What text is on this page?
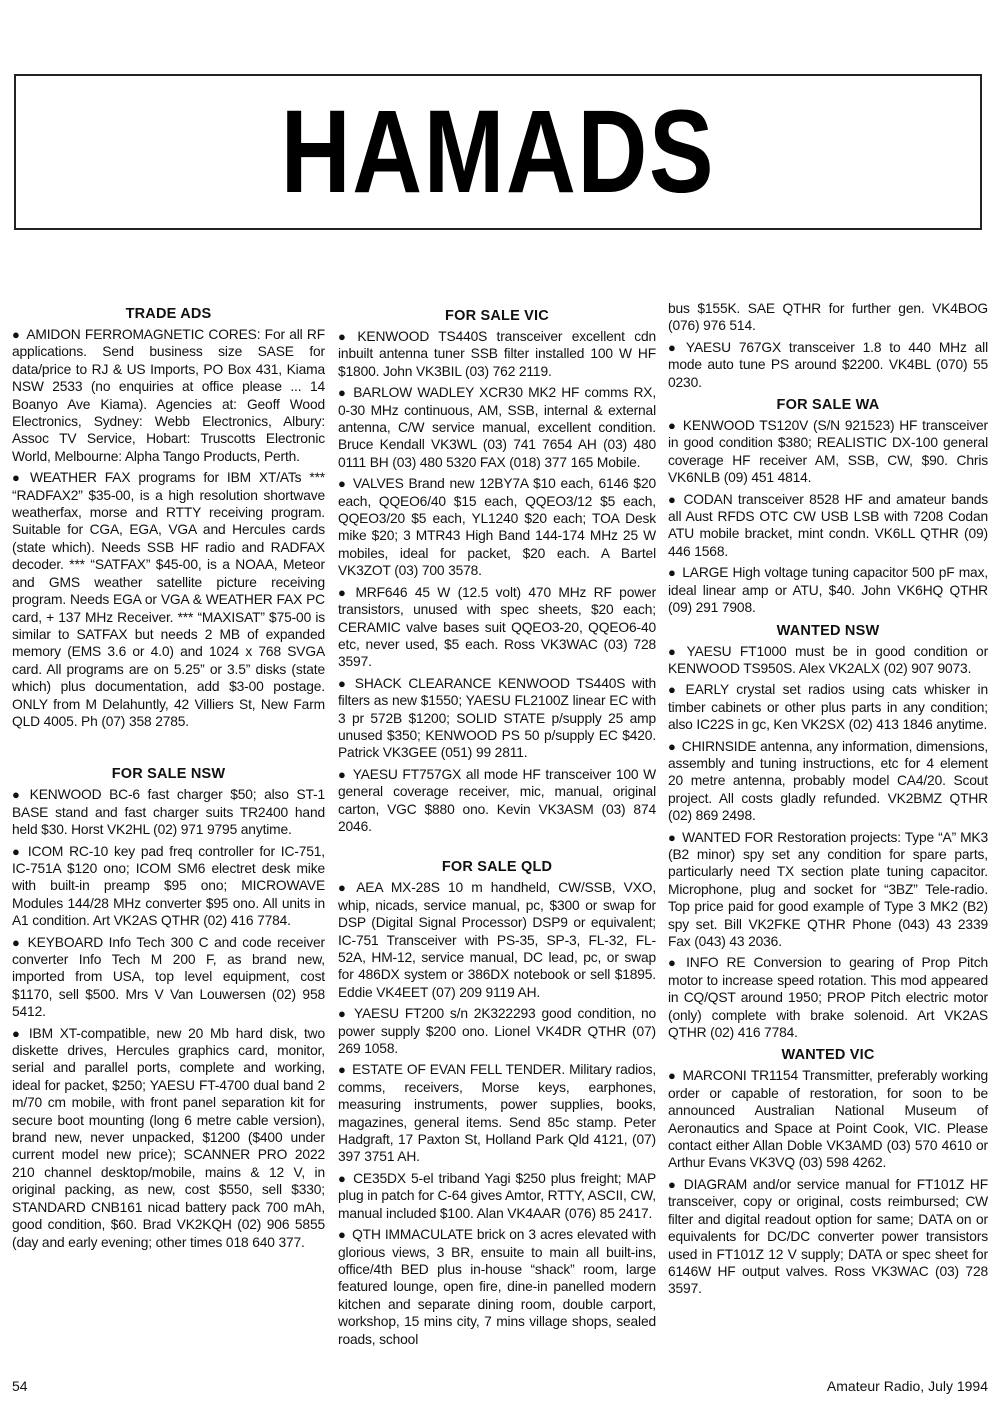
HAMADS
TRADE ADS

● AMIDON FERROMAGNETIC CORES: For all RF applications. Send business size SASE for data/price to RJ & US Imports, PO Box 431, Kiama NSW 2533 (no enquiries at office please ... 14 Boanyo Ave Kiama). Agencies at: Geoff Wood Electronics, Sydney: Webb Electronics, Albury: Assoc TV Service, Hobart: Truscotts Electronic World, Melbourne: Alpha Tango Products, Perth.

● WEATHER FAX programs for IBM XT/ATs *** “RADFAX2” $35-00, is a high resolution shortwave weatherfax, morse and RTTY receiving program. Suitable for CGA, EGA, VGA and Hercules cards (state which). Needs SSB HF radio and RADFAX decoder. *** “SATFAX” $45-00, is a NOAA, Meteor and GMS weather satellite picture receiving program. Needs EGA or VGA & WEATHER FAX PC card, + 137 MHz Receiver. *** “MAXISAT” $75-00 is similar to SATFAX but needs 2 MB of expanded memory (EMS 3.6 or 4.0) and 1024 x 768 SVGA card. All programs are on 5.25” or 3.5” disks (state which) plus documentation, add $3-00 postage. ONLY from M Delahuntly, 42 Villiers St, New Farm QLD 4005. Ph (07) 358 2785.

FOR SALE NSW

● KENWOOD BC-6 fast charger $50; also ST-1 BASE stand and fast charger suits TR2400 hand held $30. Horst VK2HL (02) 971 9795 anytime.

● ICOM RC-10 key pad freq controller for IC-751, IC-751A $120 ono; ICOM SM6 electret desk mike with built-in preamp $95 ono; MICROWAVE Modules 144/28 MHz converter $95 ono. All units in A1 condition. Art VK2AS QTHR (02) 416 7784.

● KEYBOARD Info Tech 300 C and code receiver converter Info Tech M 200 F, as brand new, imported from USA, top level equipment, cost $1170, sell $500. Mrs V Van Louwersen (02) 958 5412.

● IBM XT-compatible, new 20 Mb hard disk, two diskette drives, Hercules graphics card, monitor, serial and parallel ports, complete and working, ideal for packet, $250; YAESU FT-4700 dual band 2 m/70 cm mobile, with front panel separation kit for secure boot mounting (long 6 metre cable version), brand new, never unpacked, $1200 ($400 under current model new price); SCANNER PRO 2022 210 channel desktop/mobile, mains & 12 V, in original packing, as new, cost $550, sell $330; STANDARD CNB161 nicad battery pack 700 mAh, good condition, $60. Brad VK2KQH (02) 906 5855 (day and early evening; other times 018 640 377.

FOR SALE VIC

● KENWOOD TS440S transceiver excellent cdn inbuilt antenna tuner SSB filter installed 100 W HF $1800. John VK3BIL (03) 762 2119.

● BARLOW WADLEY XCR30 MK2 HF comms RX, 0-30 MHz continuous, AM, SSB, internal & external antenna, C/W service manual, excellent condition. Bruce Kendall VK3WL (03) 741 7654 AH (03) 480 0111 BH (03) 480 5320 FAX (018) 377 165 Mobile.

● VALVES Brand new 12BY7A $10 each, 6146 $20 each, QQEO6/40 $15 each, QQEO3/12 $5 each, QQEO3/20 $5 each, YL1240 $20 each; TOA Desk mike $20; 3 MTR43 High Band 144-174 MHz 25 W mobiles, ideal for packet, $20 each. A Bartel VK3ZOT (03) 700 3578.

● MRF646 45 W (12.5 volt) 470 MHz RF power transistors, unused with spec sheets, $20 each; CERAMIC valve bases suit QQEO3-20, QQEO6-40 etc, never used, $5 each. Ross VK3WAC (03) 728 3597.

● SHACK CLEARANCE KENWOOD TS440S with filters as new $1550; YAESU FL2100Z linear EC with 3 pr 572B $1200; SOLID STATE p/supply 25 amp unused $350; KENWOOD PS 50 p/supply EC $420. Patrick VK3GEE (051) 99 2811.

● YAESU FT757GX all mode HF transceiver 100 W general coverage receiver, mic, manual, original carton, VGC $880 ono. Kevin VK3ASM (03) 874 2046.

FOR SALE QLD

● AEA MX-28S 10 m handheld, CW/SSB, VXO, whip, nicads, service manual, pc, $300 or swap for DSP (Digital Signal Processor) DSP9 or equivalent; IC-751 Transceiver with PS-35, SP-3, FL-32, FL-52A, HM-12, service manual, DC lead, pc, or swap for 486DX system or 386DX notebook or sell $1895. Eddie VK4EET (07) 209 9119 AH.

● YAESU FT200 s/n 2K322293 good condition, no power supply $200 ono. Lionel VK4DR QTHR (07) 269 1058.

● ESTATE OF EVAN FELL TENDER. Military radios, comms, receivers, Morse keys, earphones, measuring instruments, power supplies, books, magazines, general items. Send 85c stamp. Peter Hadgraft, 17 Paxton St, Holland Park Qld 4121, (07) 397 3751 AH.

● CE35DX 5-el triband Yagi $250 plus freight; MAP plug in patch for C-64 gives Amtor, RTTY, ASCII, CW, manual included $100. Alan VK4AAR (076) 85 2417.

● QTH IMMACULATE brick on 3 acres elevated with glorious views, 3 BR, ensuite to main all built-ins, office/4th BED plus in-house “shack” room, large featured lounge, open fire, dine-in panelled modern kitchen and separate dining room, double carport, workshop, 15 mins city, 7 mins village shops, sealed roads, school

bus $155K. SAE QTHR for further gen. VK4BOG (076) 976 514.

● YAESU 767GX transceiver 1.8 to 440 MHz all mode auto tune PS around $2200. VK4BL (070) 55 0230.

FOR SALE WA

● KENWOOD TS120V (S/N 921523) HF transceiver in good condition $380; REALISTIC DX-100 general coverage HF receiver AM, SSB, CW, $90. Chris VK6NLB (09) 451 4814.

● CODAN transceiver 8528 HF and amateur bands all Aust RFDS OTC CW USB LSB with 7208 Codan ATU mobile bracket, mint condn. VK6LL QTHR (09) 446 1568.

● LARGE High voltage tuning capacitor 500 pF max, ideal linear amp or ATU, $40. John VK6HQ QTHR (09) 291 7908.

WANTED NSW

● YAESU FT1000 must be in good condition or KENWOOD TS950S. Alex VK2ALX (02) 907 9073.

● EARLY crystal set radios using cats whisker in timber cabinets or other plus parts in any condition; also IC22S in gc, Ken VK2SX (02) 413 1846 anytime.

● CHIRNSIDE antenna, any information, dimensions, assembly and tuning instructions, etc for 4 element 20 metre antenna, probably model CA4/20. Scout project. All costs gladly refunded. VK2BMZ QTHR (02) 869 2498.

● WANTED FOR Restoration projects: Type “A” MK3 (B2 minor) spy set any condition for spare parts, particularly need TX section plate tuning capacitor. Microphone, plug and socket for “3BZ” Tele-radio. Top price paid for good example of Type 3 MK2 (B2) spy set. Bill VK2FKE QTHR Phone (043) 43 2339 Fax (043) 43 2036.

● INFO RE Conversion to gearing of Prop Pitch motor to increase speed rotation. This mod appeared in CQ/QST around 1950; PROP Pitch electric motor (only) complete with brake solenoid. Art VK2AS QTHR (02) 416 7784.

WANTED VIC

● MARCONI TR1154 Transmitter, preferably working order or capable of restoration, for soon to be announced Australian National Museum of Aeronautics and Space at Point Cook, VIC. Please contact either Allan Doble VK3AMD (03) 570 4610 or Arthur Evans VK3VQ (03) 598 4262.

● DIAGRAM and/or service manual for FT101Z HF transceiver, copy or original, costs reimbursed; CW filter and digital readout option for same; DATA on or equivalents for DC/DC converter power transistors used in FT101Z 12 V supply; DATA or spec sheet for 6146W HF output valves. Ross VK3WAC (03) 728 3597.

54	Amateur Radio, July 1994
